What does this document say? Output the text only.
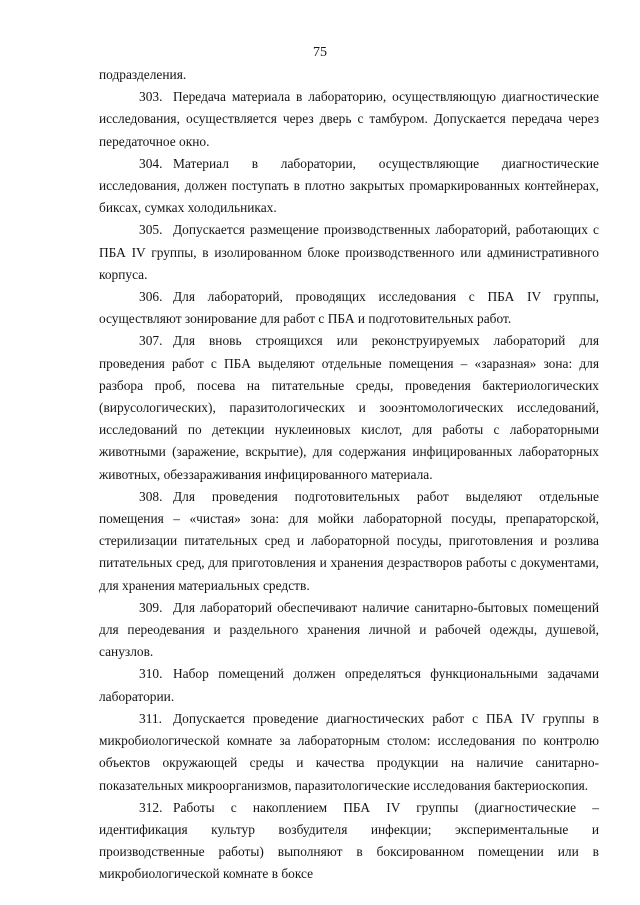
75

подразделения.

303. Передача материала в лабораторию, осуществляющую диагностические исследования, осуществляется через дверь с тамбуром. Допускается передача через передаточное окно.

304. Материал в лаборатории, осуществляющие диагностические исследования, должен поступать в плотно закрытых промаркированных контейнерах, биксах, сумках холодильниках.

305. Допускается размещение производственных лабораторий, работающих с ПБА IV группы, в изолированном блоке производственного или административного корпуса.

306. Для лабораторий, проводящих исследования с ПБА IV группы, осуществляют зонирование для работ с ПБА и подготовительных работ.

307. Для вновь строящихся или реконструируемых лабораторий для проведения работ с ПБА выделяют отдельные помещения – «заразная» зона: для разбора проб, посева на питательные среды, проведения бактериологических (вирусологических), паразитологических и зооэнтомологических исследований, исследований по детекции нуклеиновых кислот, для работы с лабораторными животными (заражение, вскрытие), для содержания инфицированных лабораторных животных, обеззараживания инфицированного материала.

308. Для проведения подготовительных работ выделяют отдельные помещения – «чистая» зона: для мойки лабораторной посуды, препараторской, стерилизации питательных сред и лабораторной посуды, приготовления и розлива питательных сред, для приготовления и хранения дезрастворов работы с документами, для хранения материальных средств.

309. Для лабораторий обеспечивают наличие санитарно-бытовых помещений для переодевания и раздельного хранения личной и рабочей одежды, душевой, санузлов.

310. Набор помещений должен определяться функциональными задачами лаборатории.

311. Допускается проведение диагностических работ с ПБА IV группы в микробиологической комнате за лабораторным столом: исследования по контролю объектов окружающей среды и качества продукции на наличие санитарно-показательных микроорганизмов, паразитологические исследования бактериоскопия.

312. Работы с накоплением ПБА IV группы (диагностические – идентификация культур возбудителя инфекции; экспериментальные и производственные работы) выполняют в боксированном помещении или в микробиологической комнате в боксе
